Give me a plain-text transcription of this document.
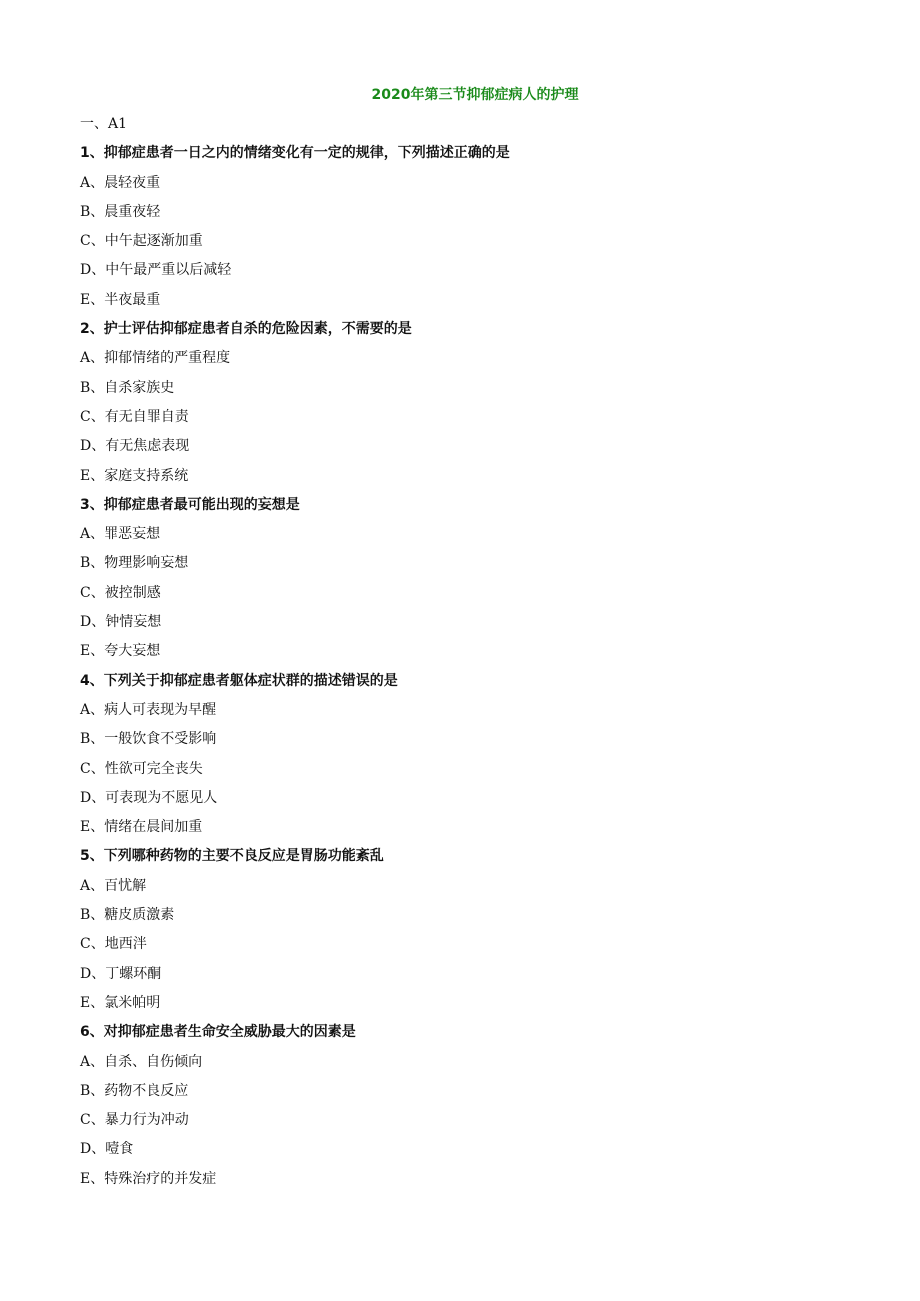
2020年第三节抑郁症病人的护理
一、A1
1、抑郁症患者一日之内的情绪变化有一定的规律，下列描述正确的是
A、晨轻夜重
B、晨重夜轻
C、中午起逐渐加重
D、中午最严重以后减轻
E、半夜最重
2、护士评估抑郁症患者自杀的危险因素，不需要的是
A、抑郁情绪的严重程度
B、自杀家族史
C、有无自罪自责
D、有无焦虑表现
E、家庭支持系统
3、抑郁症患者最可能出现的妄想是
A、罪恶妄想
B、物理影响妄想
C、被控制感
D、钟情妄想
E、夸大妄想
4、下列关于抑郁症患者躯体症状群的描述错误的是
A、病人可表现为早醒
B、一般饮食不受影响
C、性欲可完全丧失
D、可表现为不愿见人
E、情绪在晨间加重
5、下列哪种药物的主要不良反应是胃肠功能紊乱
A、百忧解
B、糖皮质激素
C、地西泮
D、丁螺环酮
E、氯米帕明
6、对抑郁症患者生命安全威胁最大的因素是
A、自杀、自伤倾向
B、药物不良反应
C、暴力行为冲动
D、噎食
E、特殊治疗的并发症
